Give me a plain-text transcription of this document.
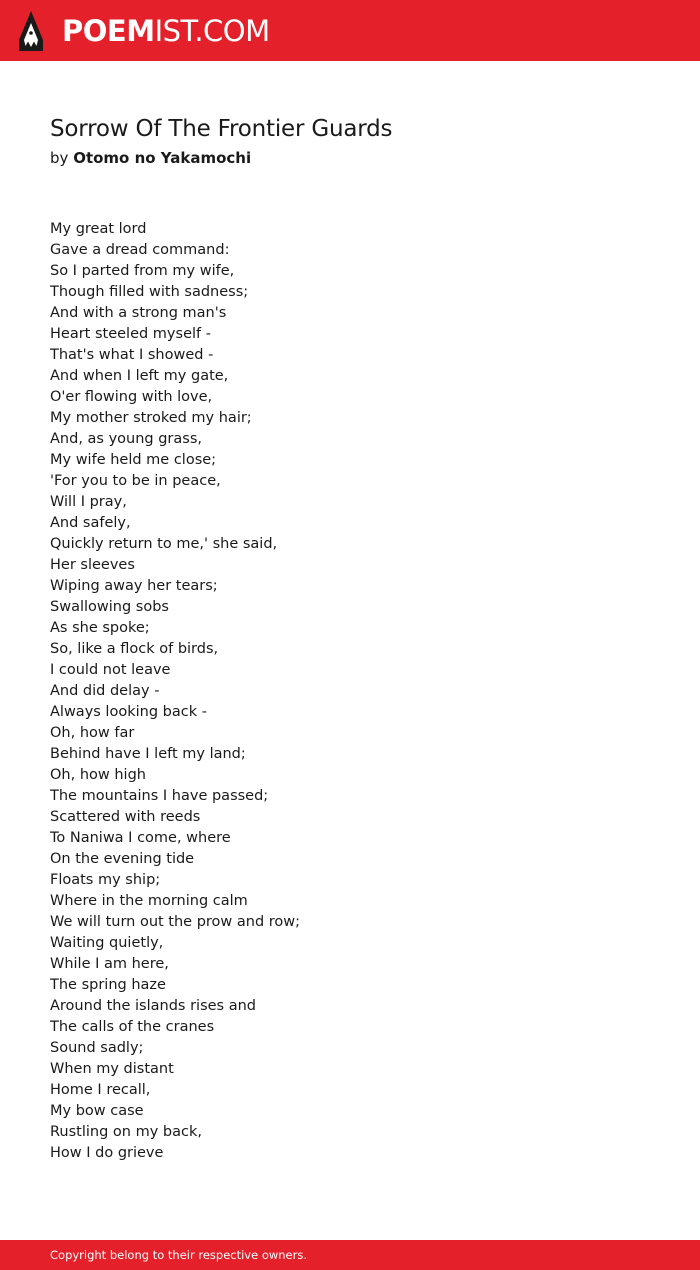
POEMIST.COM
Sorrow Of The Frontier Guards
by Otomo no Yakamochi
My great lord
Gave a dread command:
So I parted from my wife,
Though filled with sadness;
And with a strong man's
Heart steeled myself -
That's what I showed -
And when I left my gate,
O'er flowing with love,
My mother stroked my hair;
And, as young grass,
My wife held me close;
'For you to be in peace,
Will I pray,
And safely,
Quickly return to me,' she said,
Her sleeves
Wiping away her tears;
Swallowing sobs
As she spoke;
So, like a flock of birds,
I could not leave
And did delay -
Always looking back -
Oh, how far
Behind have I left my land;
Oh, how high
The mountains I have passed;
Scattered with reeds
To Naniwa I come, where
On the evening tide
Floats my ship;
Where in the morning calm
We will turn out the prow and row;
Waiting quietly,
While I am here,
The spring haze
Around the islands rises and
The calls of the cranes
Sound sadly;
When my distant
Home I recall,
My bow case
Rustling on my back,
How I do grieve
Copyright belong to their respective owners.
